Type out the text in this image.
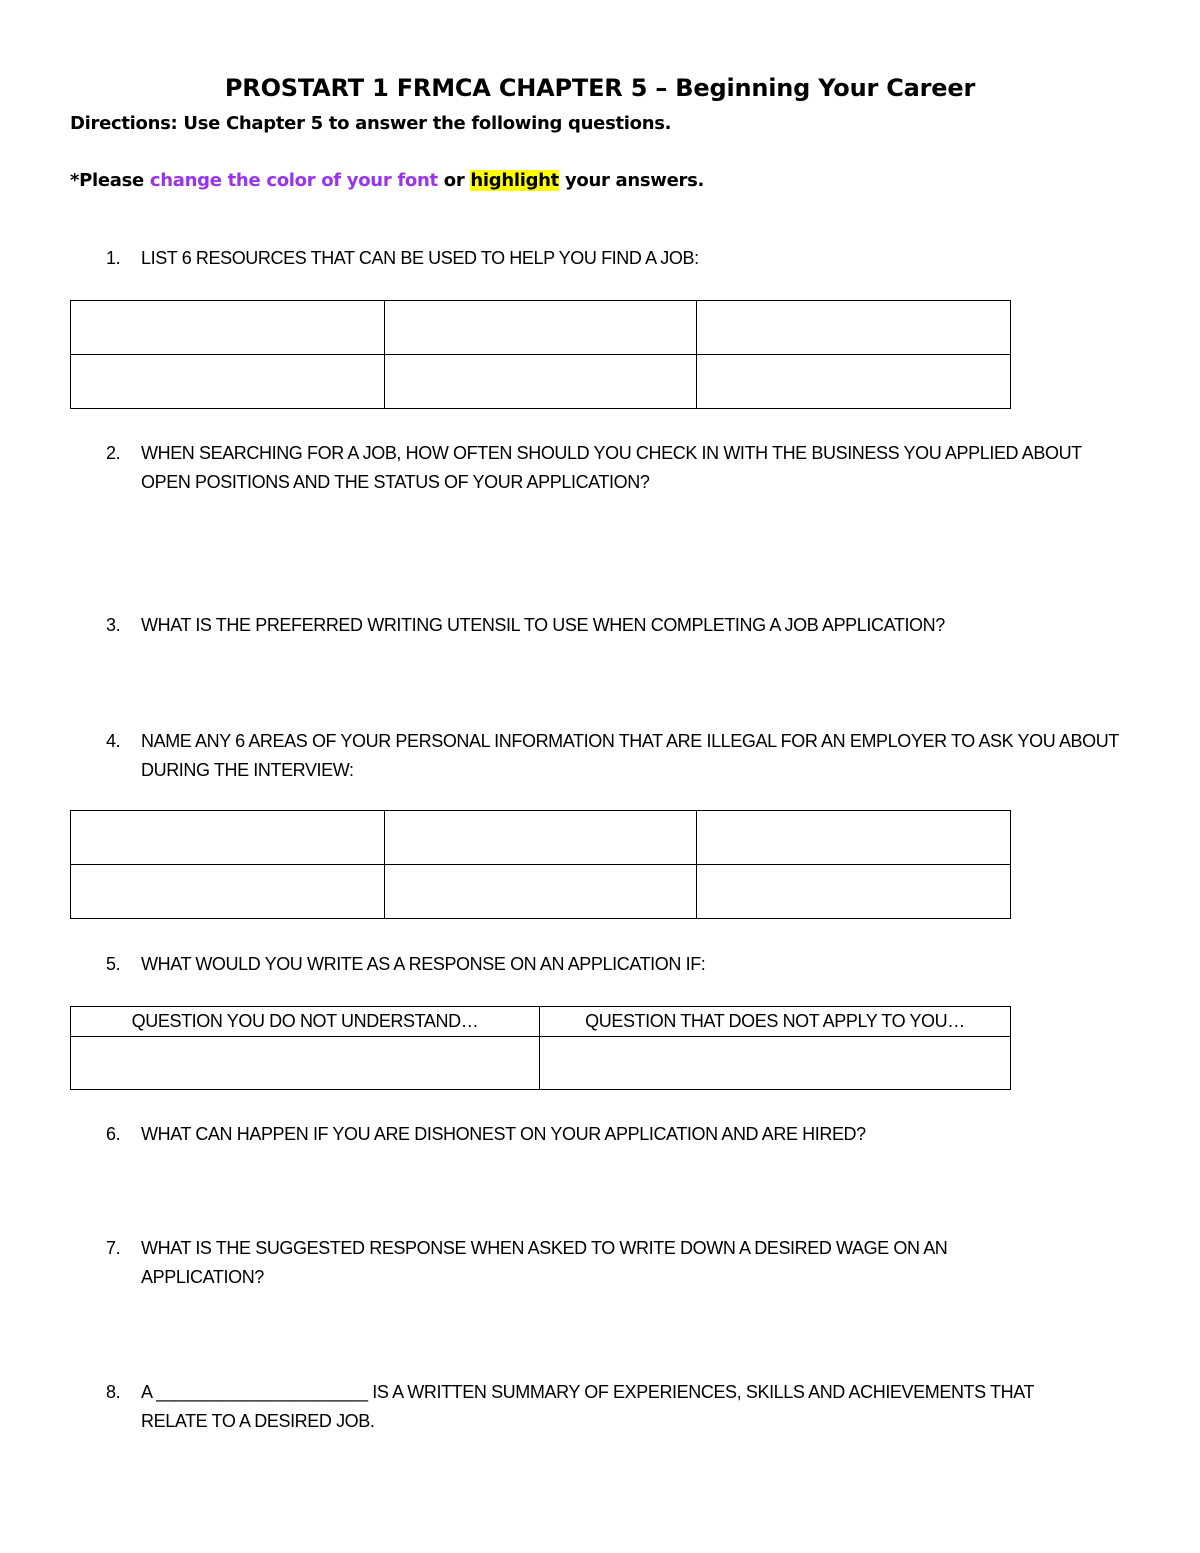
PROSTART 1 FRMCA CHAPTER 5 – Beginning Your Career
Directions: Use Chapter 5 to answer the following questions.
*Please change the color of your font or highlight your answers.
1. LIST 6 RESOURCES THAT CAN BE USED TO HELP YOU FIND A JOB:

2. WHEN SEARCHING FOR A JOB, HOW OFTEN SHOULD YOU CHECK IN WITH THE BUSINESS YOU APPLIED ABOUT OPEN POSITIONS AND THE STATUS OF YOUR APPLICATION?
3. WHAT IS THE PREFERRED WRITING UTENSIL TO USE WHEN COMPLETING A JOB APPLICATION?
4. NAME ANY 6 AREAS OF YOUR PERSONAL INFORMATION THAT ARE ILLEGAL FOR AN EMPLOYER TO ASK YOU ABOUT DURING THE INTERVIEW:

5. WHAT WOULD YOU WRITE AS A RESPONSE ON AN APPLICATION IF:
QUESTION YOU DO NOT UNDERSTAND…	QUESTION THAT DOES NOT APPLY TO YOU…

6. WHAT CAN HAPPEN IF YOU ARE DISHONEST ON YOUR APPLICATION AND ARE HIRED?
7. WHAT IS THE SUGGESTED RESPONSE WHEN ASKED TO WRITE DOWN A DESIRED WAGE ON AN APPLICATION?
8. A ______________________ IS A WRITTEN SUMMARY OF EXPERIENCES, SKILLS AND ACHIEVEMENTS THAT RELATE TO A DESIRED JOB.
